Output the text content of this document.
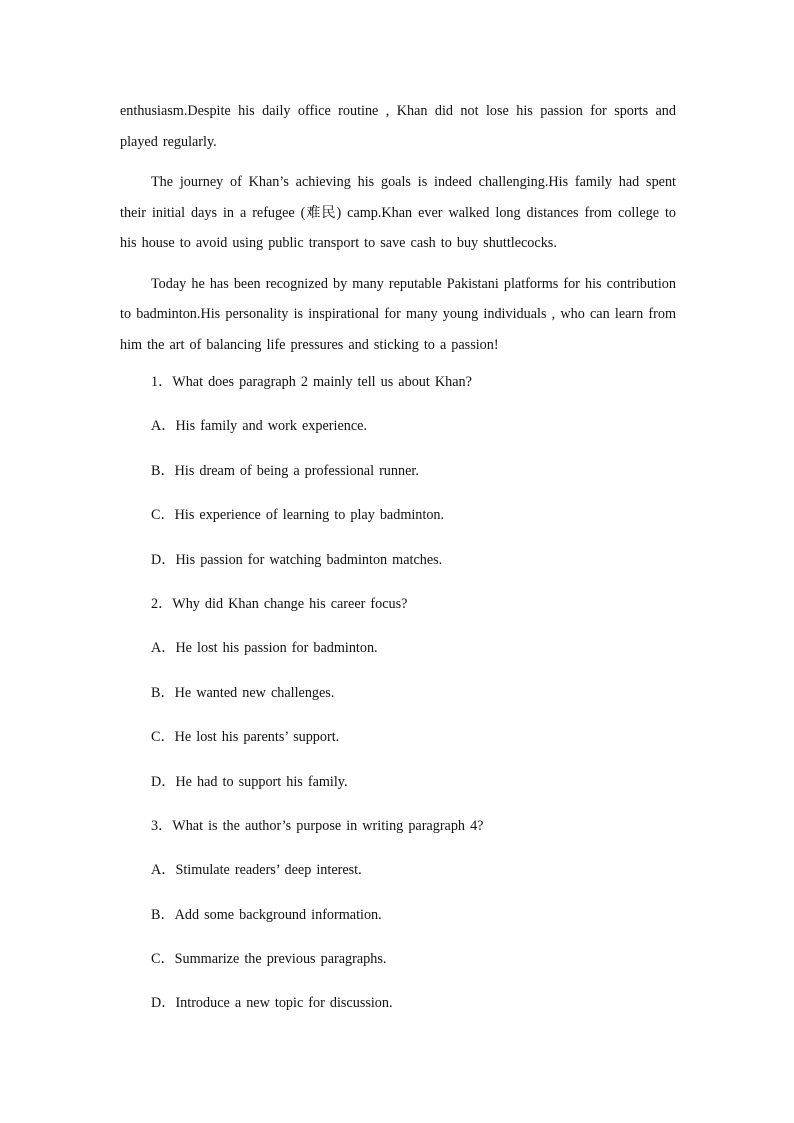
enthusiasm.Despite his daily office routine , Khan did not lose his passion for sports and played regularly.

The journey of Khan’s achieving his goals is indeed challenging.His family had spent their initial days in a refugee (难民) camp.Khan ever walked long distances from college to his house to avoid using public transport to save cash to buy shuttlecocks.

Today he has been recognized by many reputable Pakistani platforms for his contribution to badminton.His personality is inspirational for many young individuals , who can learn from him the art of balancing life pressures and sticking to a passion!

1．What does paragraph 2 mainly tell us about Khan?
A．His family and work experience.
B．His dream of being a professional runner.
C．His experience of learning to play badminton.
D．His passion for watching badminton matches.
2．Why did Khan change his career focus?
A．He lost his passion for badminton.
B．He wanted new challenges.
C．He lost his parents’ support.
D．He had to support his family.
3．What is the author’s purpose in writing paragraph 4?
A．Stimulate readers’ deep interest.
B．Add some background information.
C．Summarize the previous paragraphs.
D．Introduce a new topic for discussion.
